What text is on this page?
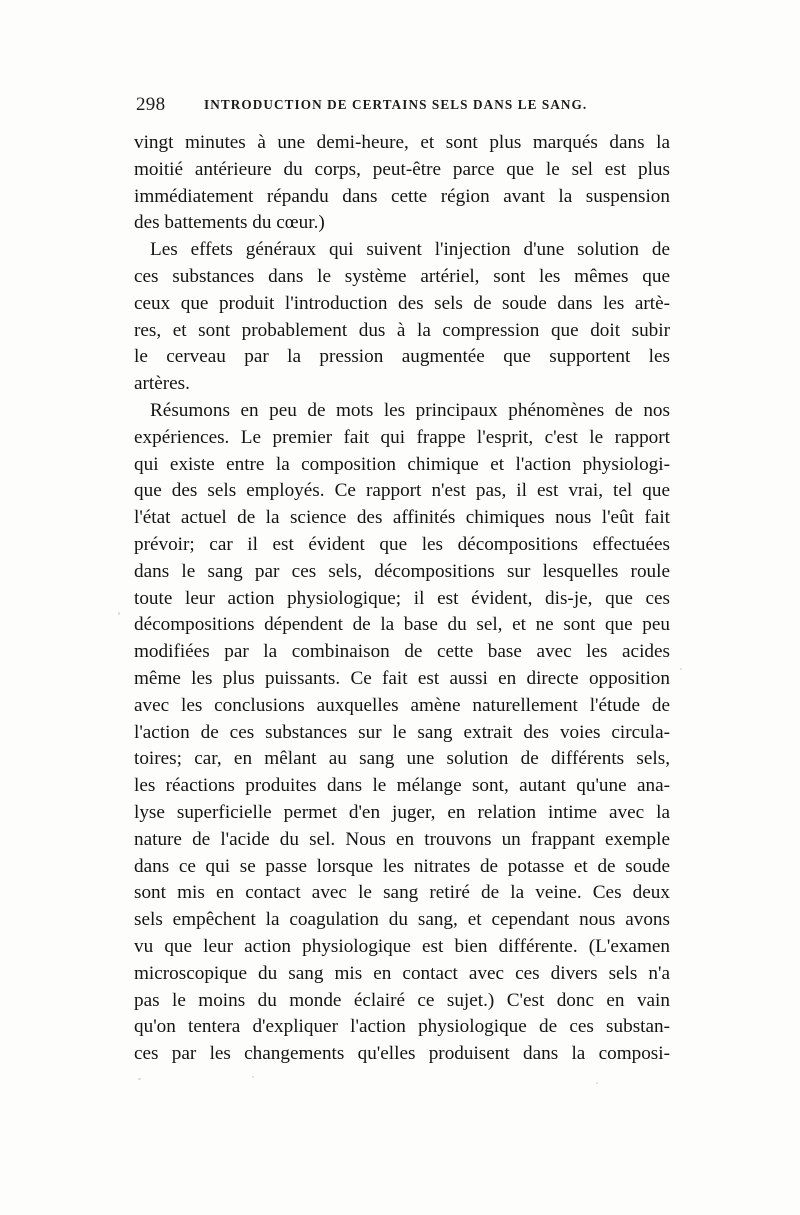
298	INTRODUCTION DE CERTAINS SELS DANS LE SANG.
vingt minutes à une demi-heure, et sont plus marqués dans la
moitié antérieure du corps, peut-être parce que le sel est plus
immédiatement répandu dans cette région avant la suspension
des battements du cœur.)
Les effets généraux qui suivent l'injection d'une solution de
ces substances dans le système artériel, sont les mêmes que
ceux que produit l'introduction des sels de soude dans les artè-
res, et sont probablement dus à la compression que doit subir
le cerveau par la pression augmentée que supportent les
artères.
Résumons en peu de mots les principaux phénomènes de nos
expériences. Le premier fait qui frappe l'esprit, c'est le rapport
qui existe entre la composition chimique et l'action physiologi-
que des sels employés. Ce rapport n'est pas, il est vrai, tel que
l'état actuel de la science des affinités chimiques nous l'eût fait
prévoir; car il est évident que les décompositions effectuées
dans le sang par ces sels, décompositions sur lesquelles roule
toute leur action physiologique; il est évident, dis-je, que ces
décompositions dépendent de la base du sel, et ne sont que peu
modifiées par la combinaison de cette base avec les acides
même les plus puissants. Ce fait est aussi en directe opposition
avec les conclusions auxquelles amène naturellement l'étude de
l'action de ces substances sur le sang extrait des voies circula-
toires; car, en mêlant au sang une solution de différents sels,
les réactions produites dans le mélange sont, autant qu'une ana-
lyse superficielle permet d'en juger, en relation intime avec la
nature de l'acide du sel. Nous en trouvons un frappant exemple
dans ce qui se passe lorsque les nitrates de potasse et de soude
sont mis en contact avec le sang retiré de la veine. Ces deux
sels empêchent la coagulation du sang, et cependant nous avons
vu que leur action physiologique est bien différente. (L'examen
microscopique du sang mis en contact avec ces divers sels n'a
pas le moins du monde éclairé ce sujet.) C'est donc en vain
qu'on tentera d'expliquer l'action physiologique de ces substan-
ces par les changements qu'elles produisent dans la composi-
